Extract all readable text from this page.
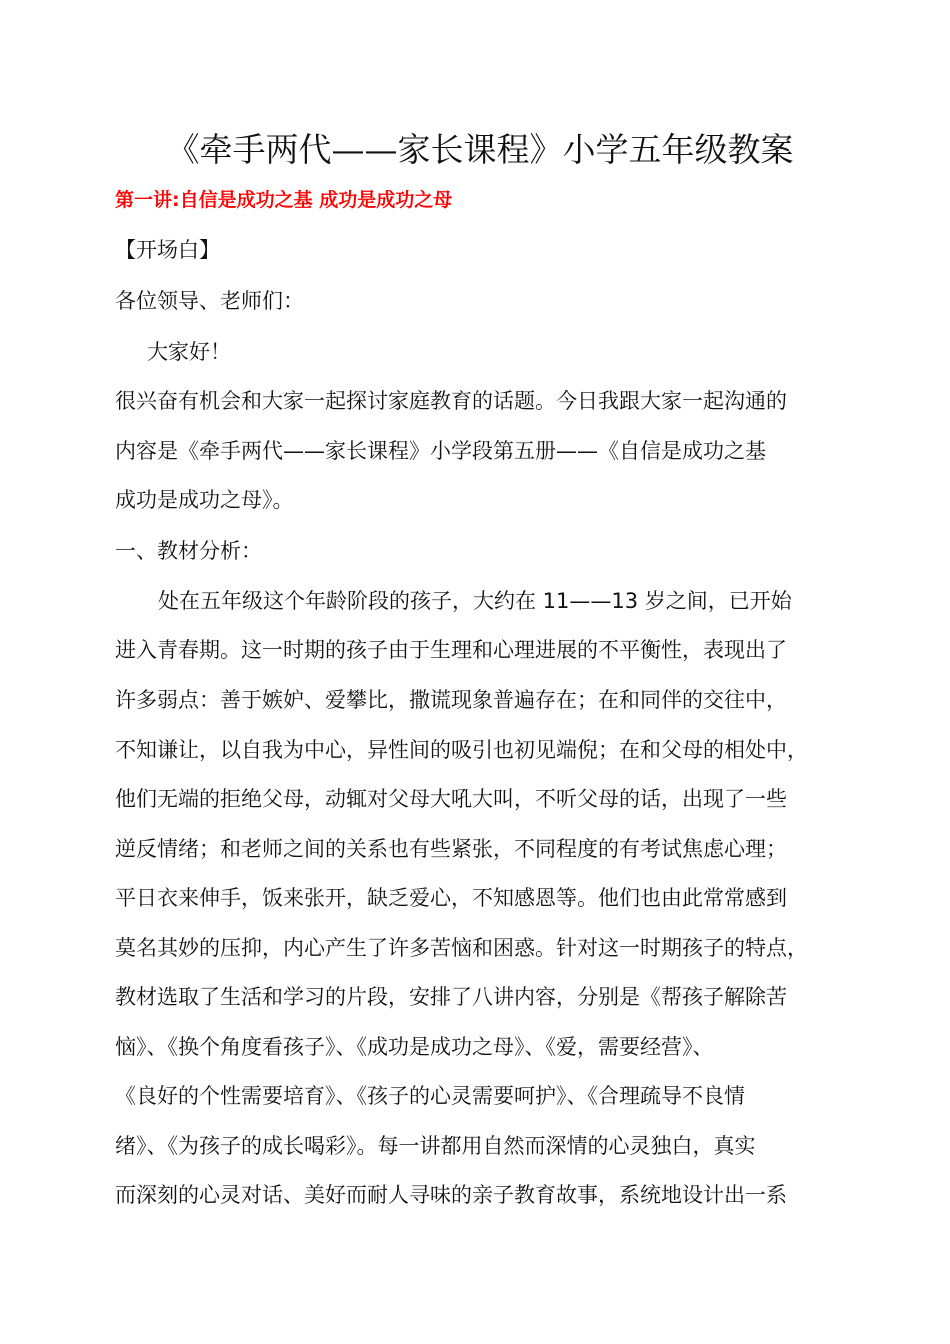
《牵手两代——家长课程》小学五年级教案
第一讲:自信是成功之基 成功是成功之母
【开场白】
各位领导、老师们：
大家好！
很兴奋有机会和大家一起探讨家庭教育的话题。今日我跟大家一起沟通的
内容是《牵手两代——家长课程》小学段第五册——《自信是成功之基
成功是成功之母》。
一、教材分析：
处在五年级这个年龄阶段的孩子，大约在 11——13 岁之间，已开始
进入青春期。这一时期的孩子由于生理和心理进展的不平衡性，表现出了
许多弱点：善于嫉妒、爱攀比，撒谎现象普遍存在；在和同伴的交往中，
不知谦让，以自我为中心，异性间的吸引也初见端倪；在和父母的相处中，
他们无端的拒绝父母，动辄对父母大吼大叫，不听父母的话，出现了一些
逆反情绪；和老师之间的关系也有些紧张，不同程度的有考试焦虑心理；
平日衣来伸手，饭来张开，缺乏爱心，不知感恩等。他们也由此常常感到
莫名其妙的压抑，内心产生了许多苦恼和困惑。针对这一时期孩子的特点，
教材选取了生活和学习的片段，安排了八讲内容，分别是《帮孩子解除苦
恼》、《换个角度看孩子》、《成功是成功之母》、《爱，需要经营》、
《良好的个性需要培育》、《孩子的心灵需要呵护》、《合理疏导不良情
绪》、《为孩子的成长喝彩》。每一讲都用自然而深情的心灵独白，真实
而深刻的心灵对话、美好而耐人寻味的亲子教育故事，系统地设计出一系
